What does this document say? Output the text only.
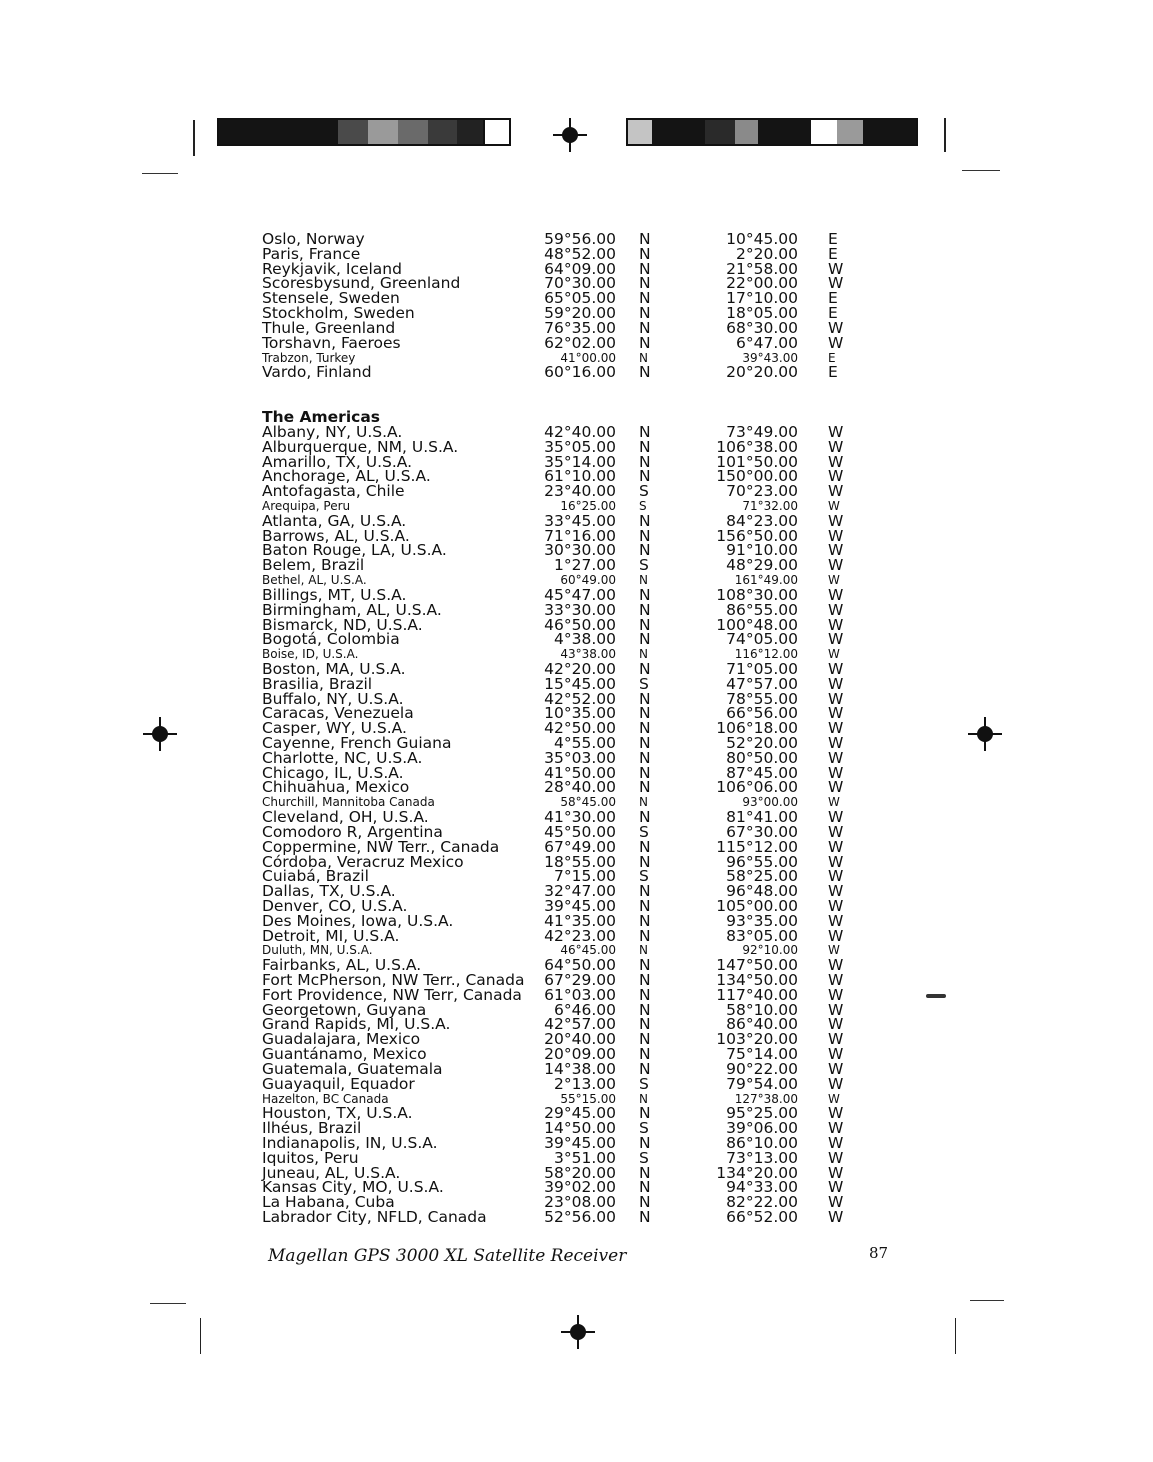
Oslo, Norway	59°56.00 N	10°45.00 E
Paris, France	48°52.00 N	2°20.00 E
Reykjavik, Iceland	64°09.00 N	21°58.00 W
Scoresbysund, Greenland	70°30.00 N	22°00.00 W
Stensele, Sweden	65°05.00 N	17°10.00 E
Stockholm, Sweden	59°20.00 N	18°05.00 E
Thule, Greenland	76°35.00 N	68°30.00 W
Torshavn, Faeroes	62°02.00 N	6°47.00 W
Trabzon, Turkey	41°00.00 N	39°43.00	E
Vardo, Finland	60°16.00 N	20°20.00 E
The Americas
Albany, NY, U.S.A.	42°40.00 N	73°49.00 W
Alburquerque, NM, U.S.A.	35°05.00 N	106°38.00 W
Amarillo, TX, U.S.A.	35°14.00 N	101°50.00 W
Anchorage, AL, U.S.A.	61°10.00 N	150°00.00 W
Antofagasta, Chile	23°40.00 S	70°23.00 W
Arequipa, Peru	16°25.00 S	71°32.00	W
Atlanta, GA, U.S.A.	33°45.00 N	84°23.00 W
Barrows, AL, U.S.A.	71°16.00 N	156°50.00 W
Baton Rouge, LA, U.S.A.	30°30.00 N	91°10.00 W
Belem, Brazil	1°27.00 S	48°29.00 W
Bethel, AL, U.S.A.	60°49.00 N	161°49.00	W
Billings, MT, U.S.A.	45°47.00 N	108°30.00 W
Birmingham, AL, U.S.A.	33°30.00 N	86°55.00 W
Bismarck, ND, U.S.A.	46°50.00 N	100°48.00 W
Bogotá, Colombia	4°38.00 N	74°05.00 W
Boise, ID, U.S.A.	43°38.00 N	116°12.00	W
Boston, MA, U.S.A.	42°20.00 N	71°05.00 W
Brasilia, Brazil	15°45.00 S	47°57.00 W
Buffalo, NY, U.S.A.	42°52.00 N	78°55.00 W
Caracas, Venezuela	10°35.00 N	66°56.00 W
Casper, WY, U.S.A.	42°50.00 N	106°18.00 W
Cayenne, French Guiana	4°55.00 N	52°20.00 W
Charlotte, NC, U.S.A.	35°03.00 N	80°50.00 W
Chicago, IL, U.S.A.	41°50.00 N	87°45.00 W
Chihuahua, Mexico	28°40.00 N	106°06.00 W
Churchill, Mannitoba Canada	58°45.00 N	93°00.00	W
Cleveland, OH, U.S.A.	41°30.00 N	81°41.00 W
Comodoro R, Argentina	45°50.00 S	67°30.00 W
Coppermine, NW Terr., Canada	67°49.00 N	115°12.00 W
Córdoba, Veracruz Mexico	18°55.00 N	96°55.00 W
Cuiabá, Brazil	7°15.00 S	58°25.00 W
Dallas, TX, U.S.A.	32°47.00 N	96°48.00 W
Denver, CO, U.S.A.	39°45.00 N	105°00.00 W
Des Moines, Iowa, U.S.A.	41°35.00 N	93°35.00 W
Detroit, MI, U.S.A.	42°23.00 N	83°05.00 W
Duluth, MN, U.S.A.	46°45.00 N	92°10.00	W
Fairbanks, AL, U.S.A.	64°50.00 N	147°50.00 W
Fort McPherson, NW Terr., Canada	67°29.00 N	134°50.00 W
Fort Providence, NW Terr, Canada	61°03.00 N	117°40.00 W
Georgetown, Guyana	6°46.00 N	58°10.00 W
Grand Rapids, MI, U.S.A.	42°57.00 N	86°40.00 W
Guadalajara, Mexico	20°40.00 N	103°20.00 W
Guantánamo, Mexico	20°09.00 N	75°14.00 W
Guatemala, Guatemala	14°38.00 N	90°22.00 W
Guayaquil, Equador	2°13.00 S	79°54.00 W
Hazelton, BC Canada	55°15.00 N	127°38.00	W
Houston, TX, U.S.A.	29°45.00 N	95°25.00 W
Ilhéus, Brazil	14°50.00 S	39°06.00 W
Indianapolis, IN, U.S.A.	39°45.00 N	86°10.00 W
Iquitos, Peru	3°51.00 S	73°13.00 W
Juneau, AL, U.S.A.	58°20.00 N	134°20.00 W
Kansas City, MO, U.S.A.	39°02.00 N	94°33.00 W
La Habana, Cuba	23°08.00 N	82°22.00 W
Labrador City, NFLD, Canada	52°56.00 N	66°52.00 W
Magellan GPS 3000 XL Satellite Receiver	87
